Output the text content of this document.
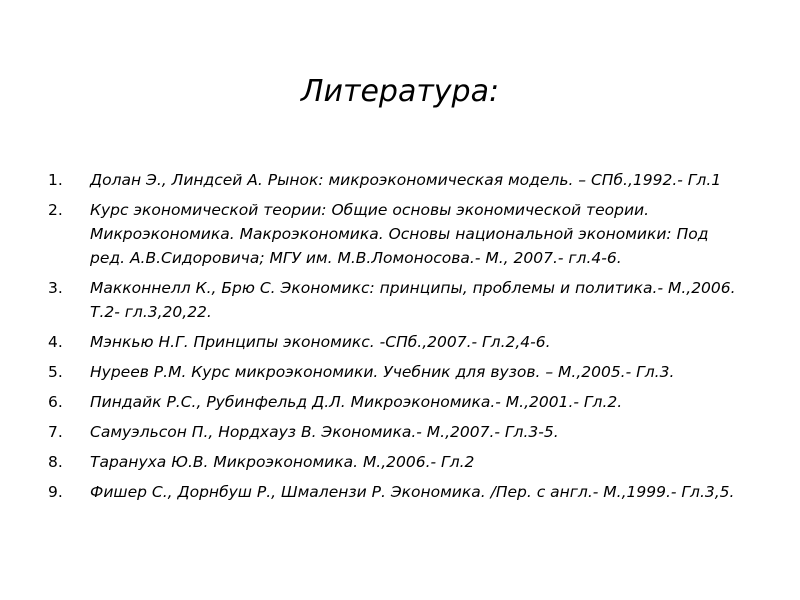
Литература:
1.	Долан Э., Линдсей А. Рынок: микроэкономическая модель. – СПб.,1992.- Гл.1
2.	Курс экономической теории: Общие основы экономической теории. Микроэкономика. Макроэкономика. Основы национальной экономики: Под ред. А.В.Сидоровича; МГУ им. М.В.Ломоносова.- М., 2007.- гл.4-6.
3.	Макконнелл К., Брю С. Экономикс: принципы, проблемы и политика.- М.,2006. Т.2- гл.3,20,22.
4.	Мэнкью Н.Г. Принципы экономикс. -СПб.,2007.- Гл.2,4-6.
5.	Нуреев Р.М. Курс микроэкономики. Учебник для вузов. – М.,2005.- Гл.3.
6.	Пиндайк Р.С., Рубинфельд Д.Л. Микроэкономика.- М.,2001.- Гл.2.
7.	Самуэльсон П., Нордхауз В. Экономика.- М.,2007.- Гл.3-5.
8.	Тарануха Ю.В. Микроэкономика. М.,2006.- Гл.2
9.	Фишер С., Дорнбуш Р., Шмалензи Р. Экономика. /Пер. с англ.- М.,1999.- Гл.3,5.
